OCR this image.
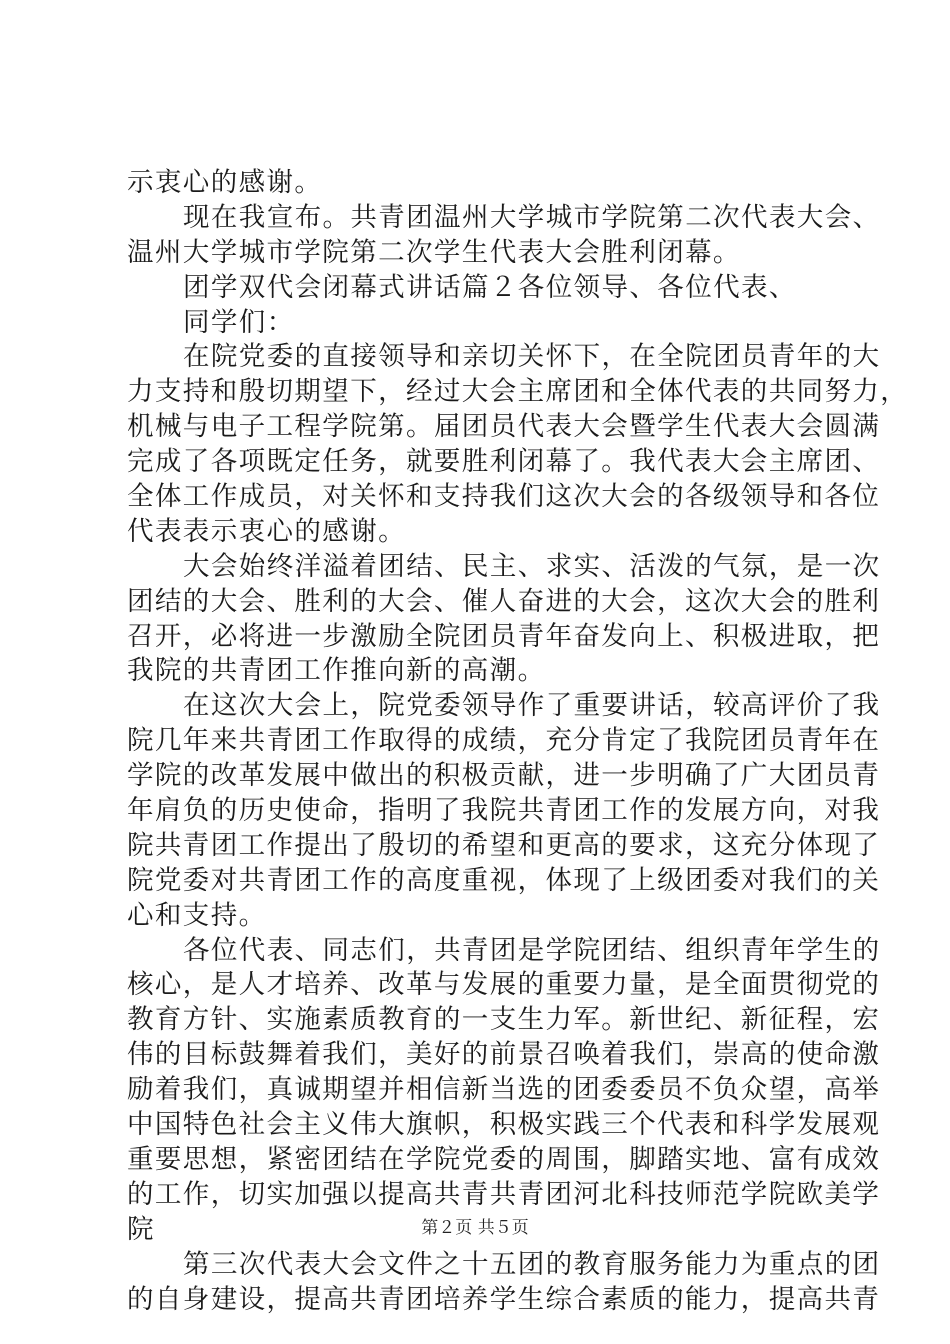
示衷心的感谢。
现在我宣布。共青团温州大学城市学院第二次代表大会、
温州大学城市学院第二次学生代表大会胜利闭幕。
团学双代会闭幕式讲话篇２各位领导、各位代表、
同学们：
在院党委的直接领导和亲切关怀下，在全院团员青年的大
力支持和殷切期望下，经过大会主席团和全体代表的共同努力，
机械与电子工程学院第。届团员代表大会暨学生代表大会圆满
完成了各项既定任务，就要胜利闭幕了。我代表大会主席团、
全体工作成员，对关怀和支持我们这次大会的各级领导和各位
代表表示衷心的感谢。
大会始终洋溢着团结、民主、求实、活泼的气氛，是一次
团结的大会、胜利的大会、催人奋进的大会，这次大会的胜利
召开，必将进一步激励全院团员青年奋发向上、积极进取，把
我院的共青团工作推向新的高潮。
在这次大会上，院党委领导作了重要讲话，较高评价了我
院几年来共青团工作取得的成绩，充分肯定了我院团员青年在
学院的改革发展中做出的积极贡献，进一步明确了广大团员青
年肩负的历史使命，指明了我院共青团工作的发展方向，对我
院共青团工作提出了殷切的希望和更高的要求，这充分体现了
院党委对共青团工作的高度重视，体现了上级团委对我们的关
心和支持。
各位代表、同志们，共青团是学院团结、组织青年学生的
核心，是人才培养、改革与发展的重要力量，是全面贯彻党的
教育方针、实施素质教育的一支生力军。新世纪、新征程，宏
伟的目标鼓舞着我们，美好的前景召唤着我们，崇高的使命激
励着我们，真诚期望并相信新当选的团委委员不负众望，高举
中国特色社会主义伟大旗帜，积极实践三个代表和科学发展观
重要思想，紧密团结在学院党委的周围，脚踏实地、富有成效
的工作，切实加强以提高共青共青团河北科技师范学院欧美学
院
第三次代表大会文件之十五团的教育服务能力为重点的团
的自身建设，提高共青团培养学生综合素质的能力，提高共青
第２页 共５页
